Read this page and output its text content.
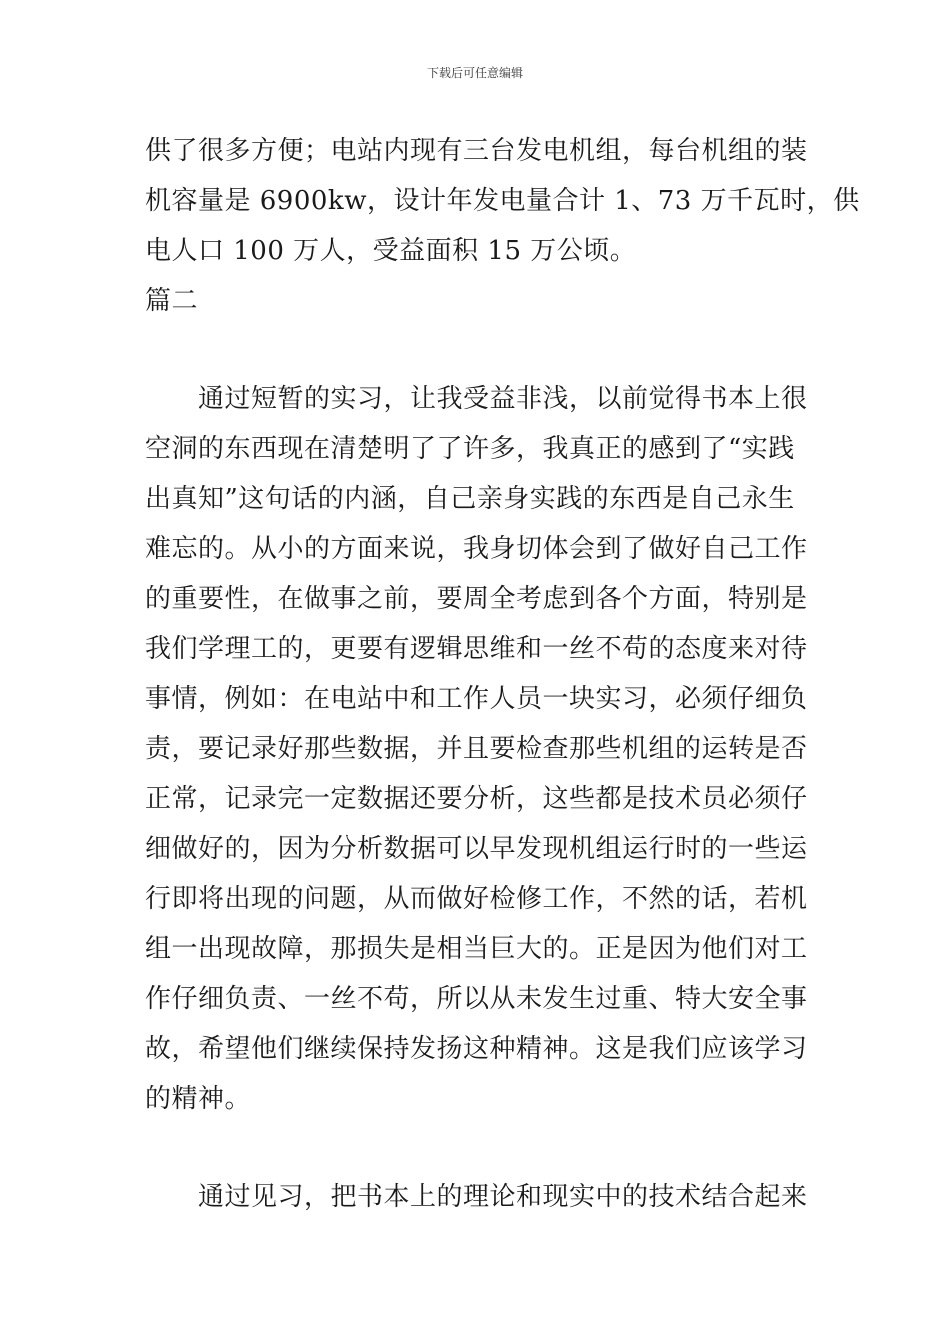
下载后可任意编辑
供了很多方便；电站内现有三台发电机组，每台机组的装
机容量是 6900kw，设计年发电量合计 1、73 万千瓦时，供
电人口 100 万人，受益面积 15 万公顷。
篇二
通过短暂的实习，让我受益非浅，以前觉得书本上很
空洞的东西现在清楚明了了许多，我真正的感到了“实践
出真知”这句话的内涵，自己亲身实践的东西是自己永生
难忘的。从小的方面来说，我身切体会到了做好自己工作
的重要性，在做事之前，要周全考虑到各个方面，特别是
我们学理工的，更要有逻辑思维和一丝不苟的态度来对待
事情，例如：在电站中和工作人员一块实习，必须仔细负
责，要记录好那些数据，并且要检查那些机组的运转是否
正常，记录完一定数据还要分析，这些都是技术员必须仔
细做好的，因为分析数据可以早发现机组运行时的一些运
行即将出现的问题，从而做好检修工作，不然的话，若机
组一出现故障，那损失是相当巨大的。正是因为他们对工
作仔细负责、一丝不苟，所以从未发生过重、特大安全事
故，希望他们继续保持发扬这种精神。这是我们应该学习
的精神。
通过见习，把书本上的理论和现实中的技术结合起来
